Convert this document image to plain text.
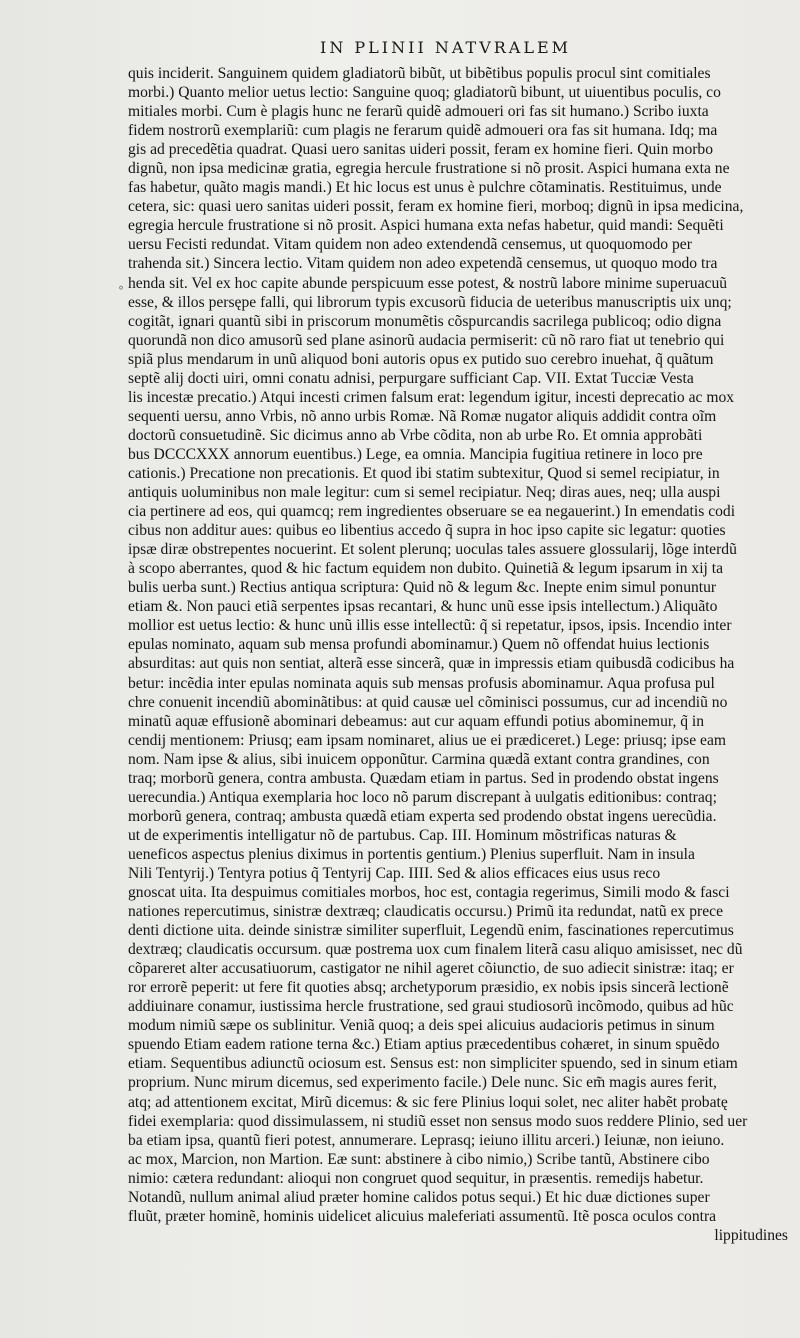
IN PLINII NATVRALEM
°
quis inciderit. Sanguinem quidem gladiatorũ bibũt, ut bibẽtibus populis procul sint comitiales
morbi.) Quanto melior uetus lectio: Sanguine quoq; gladiatorũ bibunt, ut uiuentibus poculis, co
mitiales morbi. Cum è plagis hunc ne ferarũ quidẽ admoueri ori fas sit humano.) Scribo iuxta
fidem nostrorũ exemplariũ: cum plagis ne ferarum quidẽ admoueri ora fas sit humana. Idq; ma
gis ad precedẽtia quadrat. Quasi uero sanitas uideri possit, feram ex homine fieri. Quin morbo
dignũ, non ipsa medicinæ gratia, egregia hercule frustratione si nõ prosit. Aspici humana exta ne
fas habetur, quãto magis mandi.) Et hic locus est unus è pulchre cõtaminatis. Restituimus, unde
cetera, sic: quasi uero sanitas uideri possit, feram ex homine fieri, morboq; dignũ in ipsa medicina,
egregia hercule frustratione si nõ prosit. Aspici humana exta nefas habetur, quid mandi: Sequẽti
uersu Fecisti redundat. Vitam quidem non adeo extendendã censemus, ut quoquomodo per
trahenda sit.) Sincera lectio. Vitam quidem non adeo expetendã censemus, ut quoquo modo tra
henda sit. Vel ex hoc capite abunde perspicuum esse potest, & nostrũ labore minime superuacuũ
esse, & illos persępe falli, qui librorum typis excusorũ fiducia de ueteribus manuscriptis uix unq;
cogitãt, ignari quantũ sibi in priscorum monumẽtis cõspurcandis sacrilega publicoq; odio digna
quorundã non dico amusorũ sed plane asinorũ audacia permiserit: cũ nõ raro fiat ut tenebrio qui
spiã plus mendarum in unũ aliquod boni autoris opus ex putido suo cerebro inuehat, q̃ quãtum
septẽ alij docti uiri, omni conatu adnisi, perpurgare sufficiant Cap. VII. Extat Tucciæ Vesta
lis incestæ precatio.) Atqui incesti crimen falsum erat: legendum igitur, incesti deprecatio ac mox
sequenti uersu, anno Vrbis, nõ anno urbis Romæ. Nã Romæ nugator aliquis addidit contra oĩm
doctorũ consuetudinẽ. Sic dicimus anno ab Vrbe cõdita, non ab urbe Ro. Et omnia approbãti
bus DCCCXXX annorum euentibus.) Lege, ea omnia. Mancipia fugitiua retinere in loco pre
cationis.) Precatione non precationis. Et quod ibi statim subtexitur, Quod si semel recipiatur, in
antiquis uoluminibus non male legitur: cum si semel recipiatur. Neq; diras aues, neq; ulla auspi
cia pertinere ad eos, qui quamcq; rem ingredientes obseruare se ea negauerint.) In emendatis codi
cibus non additur aues: quibus eo libentius accedo q̃ supra in hoc ipso capite sic legatur: quoties
ipsæ diræ obstrepentes nocuerint. Et solent plerunq; uoculas tales assuere glossularij, lõge interdũ
à scopo aberrantes, quod & hic factum equidem non dubito. Quinetiã & legum ipsarum in xij ta
bulis uerba sunt.) Rectius antiqua scriptura: Quid nõ & legum &c. Inepte enim simul ponuntur
etiam &. Non pauci etiã serpentes ipsas recantari, & hunc unũ esse ipsis intellectum.) Aliquãto
mollior est uetus lectio: & hunc unũ illis esse intellectũ: q̃ si repetatur, ipsos, ipsis. Incendio inter
epulas nominato, aquam sub mensa profundi abominamur.) Quem nõ offendat huius lectionis
absurditas: aut quis non sentiat, alterã esse sincerã, quæ in impressis etiam quibusdã codicibus ha
betur: incẽdia inter epulas nominata aquis sub mensas profusis abominamur. Aqua profusa pul
chre conuenit incendiũ abominãtibus: at quid causæ uel cõminisci possumus, cur ad incendiũ no
minatũ aquæ effusionẽ abominari debeamus: aut cur aquam effundi potius abominemur, q̃ in
cendij mentionem: Priusq; eam ipsam nominaret, alius ue ei prædiceret.) Lege: priusq; ipse eam
nom. Nam ipse & alius, sibi inuicem opponũtur. Carmina quædã extant contra grandines, con
traq; morborũ genera, contra ambusta. Quædam etiam in partus. Sed in prodendo obstat ingens
uerecundia.) Antiqua exemplaria hoc loco nõ parum discrepant à uulgatis editionibus: contraq;
morborũ genera, contraq; ambusta quædã etiam experta sed prodendo obstat ingens uerecũdia.
ut de experimentis intelligatur nõ de partubus. Cap. III. Hominum mõstrificas naturas &
ueneficos aspectus plenius diximus in portentis gentium.) Plenius superfluit. Nam in insula
Nili Tentyrij.) Tentyra potius q̃ Tentyrij Cap. IIII. Sed & alios efficaces eius usus reco
gnoscat uita. Ita despuimus comitiales morbos, hoc est, contagia regerimus, Simili modo & fasci
nationes repercutimus, sinistræ dextræq; claudicatis occursu.) Primũ ita redundat, natũ ex prece
denti dictione uita. deinde sinistræ similiter superfluit, Legendũ enim, fascinationes repercutimus
dextræq; claudicatis occursum. quæ postrema uox cum finalem literã casu aliquo amisisset, nec dũ
cõpareret alter accusatiuorum, castigator ne nihil ageret cõiunctio, de suo adiecit sinistræ: itaq; er
ror errorẽ peperit: ut fere fit quoties absq; archetyporum præsidio, ex nobis ipsis sincerã lectionẽ
addiuinare conamur, iustissima hercle frustratione, sed graui studiosorũ incõmodo, quibus ad hũc
modum nimiũ sæpe os sublinitur. Veniã quoq; a deis spei alicuius audacioris petimus in sinum
spuendo Etiam eadem ratione terna &c.) Etiam aptius præcedentibus cohæret, in sinum spuẽdo
etiam. Sequentibus adiunctũ ociosum est. Sensus est: non simpliciter spuendo, sed in sinum etiam
proprium. Nunc mirum dicemus, sed experimento facile.) Dele nunc. Sic em̃ magis aures ferit,
atq; ad attentionem excitat, Mirũ dicemus: & sic fere Plinius loqui solet, nec aliter habẽt probatę
fidei exemplaria: quod dissimulassem, ni studiũ esset non sensus modo suos reddere Plinio, sed uer
ba etiam ipsa, quantũ fieri potest, annumerare. Leprasq; ieiuno illitu arceri.) Ieiunæ, non ieiuno.
ac mox, Marcion, non Martion. Eæ sunt: abstinere à cibo nimio,) Scribe tantũ, Abstinere cibo
nimio: cætera redundant: alioqui non congruet quod sequitur, in præsentis. remedijs habetur.
Notandũ, nullum animal aliud præter homine calidos potus sequi.) Et hic duæ dictiones super
fluũt, præter hominẽ, hominis uidelicet alicuius maleferiati assumentũ. Itẽ posca oculos contra
lippitudines
